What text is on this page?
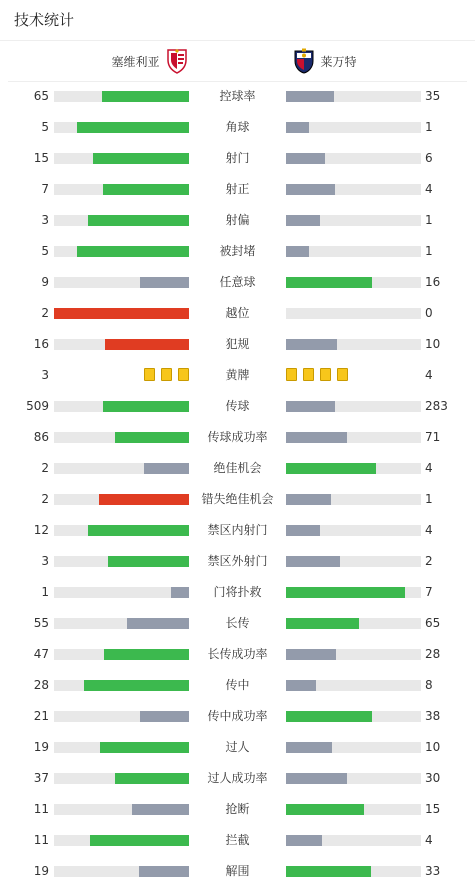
技术统计
塞维利亚	莱万特
65	控球率	35
5	角球	1
15	射门	6
7	射正	4
3	射偏	1
5	被封堵	1
9	任意球	16
2	越位	0
16	犯规	10
3	黄牌	4
509	传球	283
86	传球成功率	71
2	绝佳机会	4
2	错失绝佳机会	1
12	禁区内射门	4
3	禁区外射门	2
1	门将扑救	7
55	长传	65
47	长传成功率	28
28	传中	8
21	传中成功率	38
19	过人	10
37	过人成功率	30
11	抢断	15
11	拦截	4
19	解围	33
